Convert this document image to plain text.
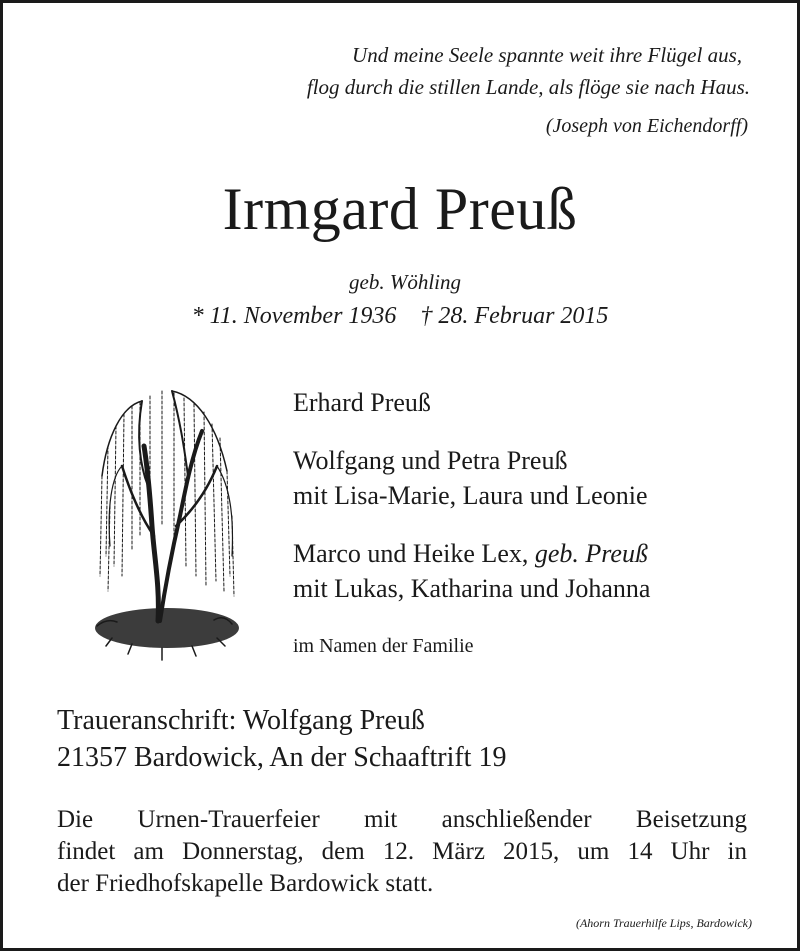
Und meine Seele spannte weit ihre Flügel aus,
flog durch die stillen Lande, als flöge sie nach Haus.
(Joseph von Eichendorff)
Irmgard Preuß
geb. Wöhling
* 11. November 1936 † 28. Februar 2015
Erhard Preuß
Wolfgang und Petra Preuß
mit Lisa-Marie, Laura und Leonie
Marco und Heike Lex, geb. Preuß
mit Lukas, Katharina und Johanna
im Namen der Familie
Traueranschrift: Wolfgang Preuß
21357 Bardowick, An der Schaaftrift 19
Die Urnen-Trauerfeier mit anschließender Beisetzung
findet am Donnerstag, dem 12. März 2015, um 14 Uhr in
der Friedhofskapelle Bardowick statt.
(Ahorn Trauerhilfe Lips, Bardowick)
